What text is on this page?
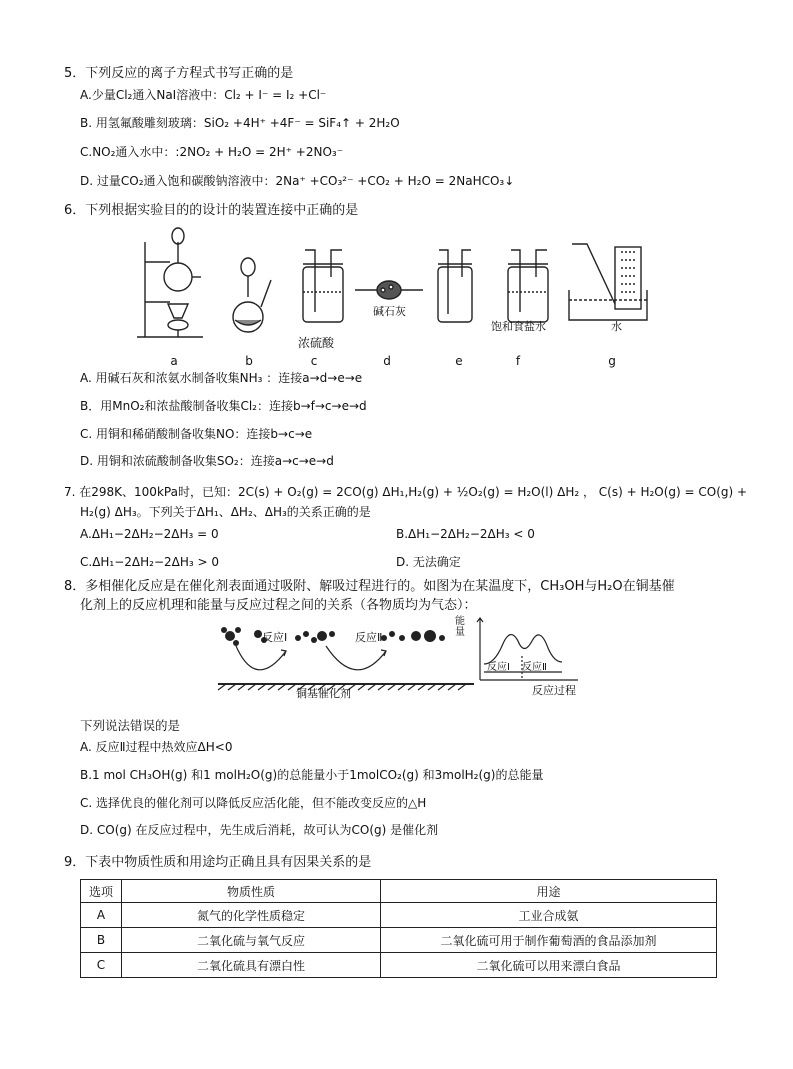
5．下列反应的离子方程式书写正确的是
A.少量Cl₂通入NaI溶液中：Cl₂ + I⁻ = I₂ +Cl⁻
B. 用氢氟酸雕刻玻璃：SiO₂ +4H⁺ +4F⁻ = SiF₄↑ + 2H₂O
C.NO₂通入水中：:2NO₂ + H₂O = 2H⁺ +2NO₃⁻
D. 过量CO₂通入饱和碳酸钠溶液中：2Na⁺ +CO₃²⁻ +CO₂ + H₂O = 2NaHCO₃↓
6．下列根据实验目的的设计的装置连接中正确的是
碱石灰
饱和食盐水	水
浓硫酸
a	b	c	d	e	f	g
A. 用碱石灰和浓氨水制备收集NH₃ ：连接a→d→e→e
B．用MnO₂和浓盐酸制备收集Cl₂：连接b→f→c→e→d
C. 用铜和稀硝酸制备收集NO：连接b→c→e
D. 用铜和浓硫酸制备收集SO₂：连接a→c→e→d
7. 在298K、100kPa时，已知：2C(s) + O₂(g) = 2CO(g) ΔH₁,H₂(g) + ½O₂(g) = H₂O(l) ΔH₂ ， C(s) + H₂O(g) = CO(g) +
H₂(g) ΔH₃。下列关于ΔH₁、ΔH₂、ΔH₃的关系正确的是
A.ΔH₁−2ΔH₂−2ΔH₃ = 0	B.ΔH₁−2ΔH₂−2ΔH₃ < 0
C.ΔH₁−2ΔH₂−2ΔH₃ > 0	D. 无法确定
8．多相催化反应是在催化剂表面通过吸附、解吸过程进行的。如图为在某温度下，CH₃OH与H₂O在铜基催
化剂上的反应机理和能量与反应过程之间的关系（各物质均为气态）：
反应Ⅰ	反应Ⅱ
铜基催化剂
能量
反应Ⅰ 反应Ⅱ
反应过程
下列说法错误的是
A. 反应Ⅱ过程中热效应ΔH<0
B.1 mol CH₃OH(g) 和1 molH₂O(g)的总能量小于1molCO₂(g) 和3molH₂(g)的总能量
C. 选择优良的催化剂可以降低反应活化能，但不能改变反应的△H
D. CO(g) 在反应过程中，先生成后消耗，故可认为CO(g) 是催化剂
9．下表中物质性质和用途均正确且具有因果关系的是
选项	物质性质	用途
A	氮气的化学性质稳定	工业合成氨
B	二氧化硫与氧气反应	二氧化硫可用于制作葡萄酒的食品添加剂
C	二氧化硫具有漂白性	二氧化硫可以用来漂白食品
